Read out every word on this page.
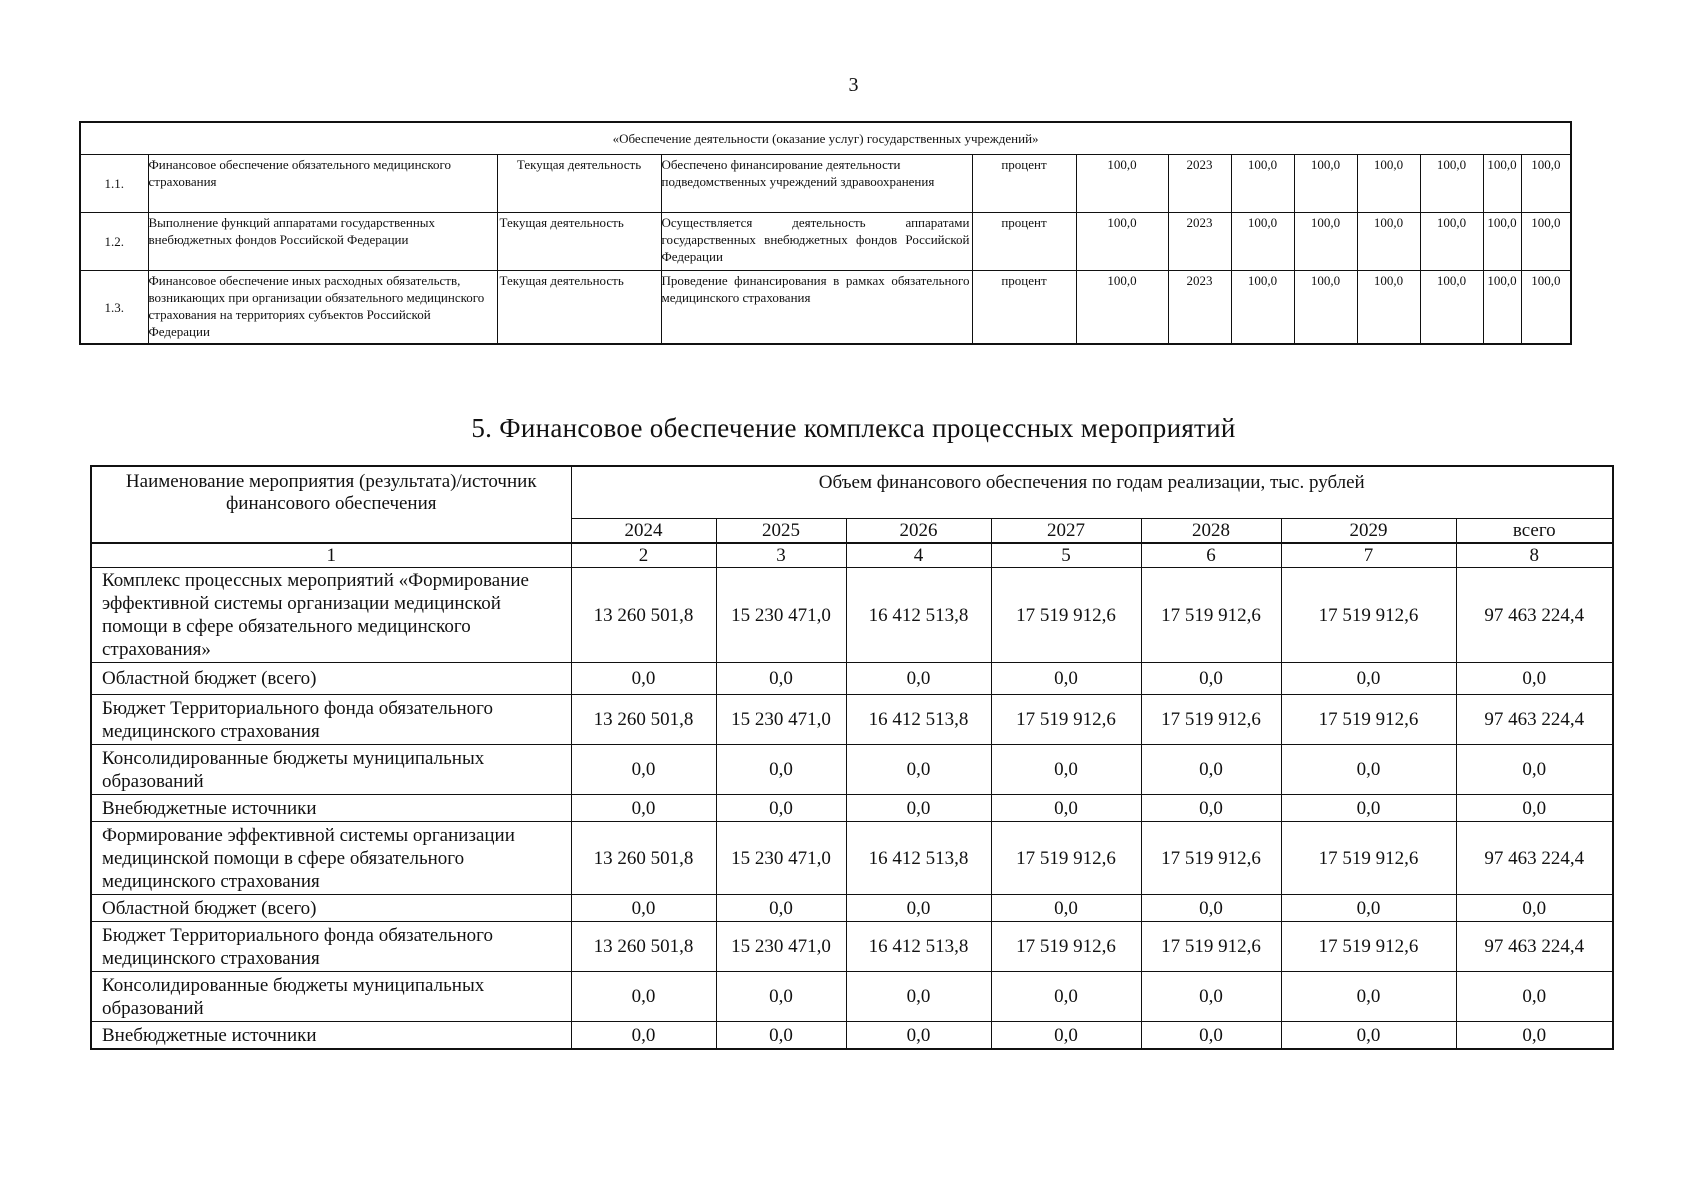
3
«Обеспечение деятельности (оказание услуг) государственных учреждений»												
1.1.	Финансовое обеспечение обязательного медицинского страхования	Текущая деятельность	Обеспечено финансирование деятельности подведомственных учреждений здравоохранения	процент	100,0	2023	100,0	100,0	100,0	100,0	100,0	100,0
1.2.	Выполнение функций аппаратами государственных внебюджетных фондов Российской Федерации	Текущая деятельность	Осуществляется деятельность аппаратами государственных внебюджетных фондов Российской Федерации	процент	100,0	2023	100,0	100,0	100,0	100,0	100,0	100,0
1.3.	Финансовое обеспечение иных расходных обязательств, возникающих при организации обязательного медицинского страхования на территориях субъектов Российской Федерации	Текущая деятельность	Проведение финансирования в рамках обязательного медицинского страхования	процент	100,0	2023	100,0	100,0	100,0	100,0	100,0	100,0
5. Финансовое обеспечение комплекса процессных мероприятий
Наименование мероприятия (результата)/источник финансового обеспечения	Объем финансового обеспечения по годам реализации, тыс. рублей						
	2024	2025	2026	2027	2028	2029	всего
1	2	3	4	5	6	7	8
Комплекс процессных мероприятий «Формирование эффективной системы организации медицинской помощи в сфере обязательного медицинского страхования»	13 260 501,8	15 230 471,0	16 412 513,8	17 519 912,6	17 519 912,6	17 519 912,6	97 463 224,4
Областной бюджет (всего)	0,0	0,0	0,0	0,0	0,0	0,0	0,0
Бюджет Территориального фонда обязательного медицинского страхования	13 260 501,8	15 230 471,0	16 412 513,8	17 519 912,6	17 519 912,6	17 519 912,6	97 463 224,4
Консолидированные бюджеты муниципальных образований	0,0	0,0	0,0	0,0	0,0	0,0	0,0
Внебюджетные источники	0,0	0,0	0,0	0,0	0,0	0,0	0,0
Формирование эффективной системы организации медицинской помощи в сфере обязательного медицинского страхования	13 260 501,8	15 230 471,0	16 412 513,8	17 519 912,6	17 519 912,6	17 519 912,6	97 463 224,4
Областной бюджет (всего)	0,0	0,0	0,0	0,0	0,0	0,0	0,0
Бюджет Территориального фонда обязательного медицинского страхования	13 260 501,8	15 230 471,0	16 412 513,8	17 519 912,6	17 519 912,6	17 519 912,6	97 463 224,4
Консолидированные бюджеты муниципальных образований	0,0	0,0	0,0	0,0	0,0	0,0	0,0
Внебюджетные источники	0,0	0,0	0,0	0,0	0,0	0,0	0,0
